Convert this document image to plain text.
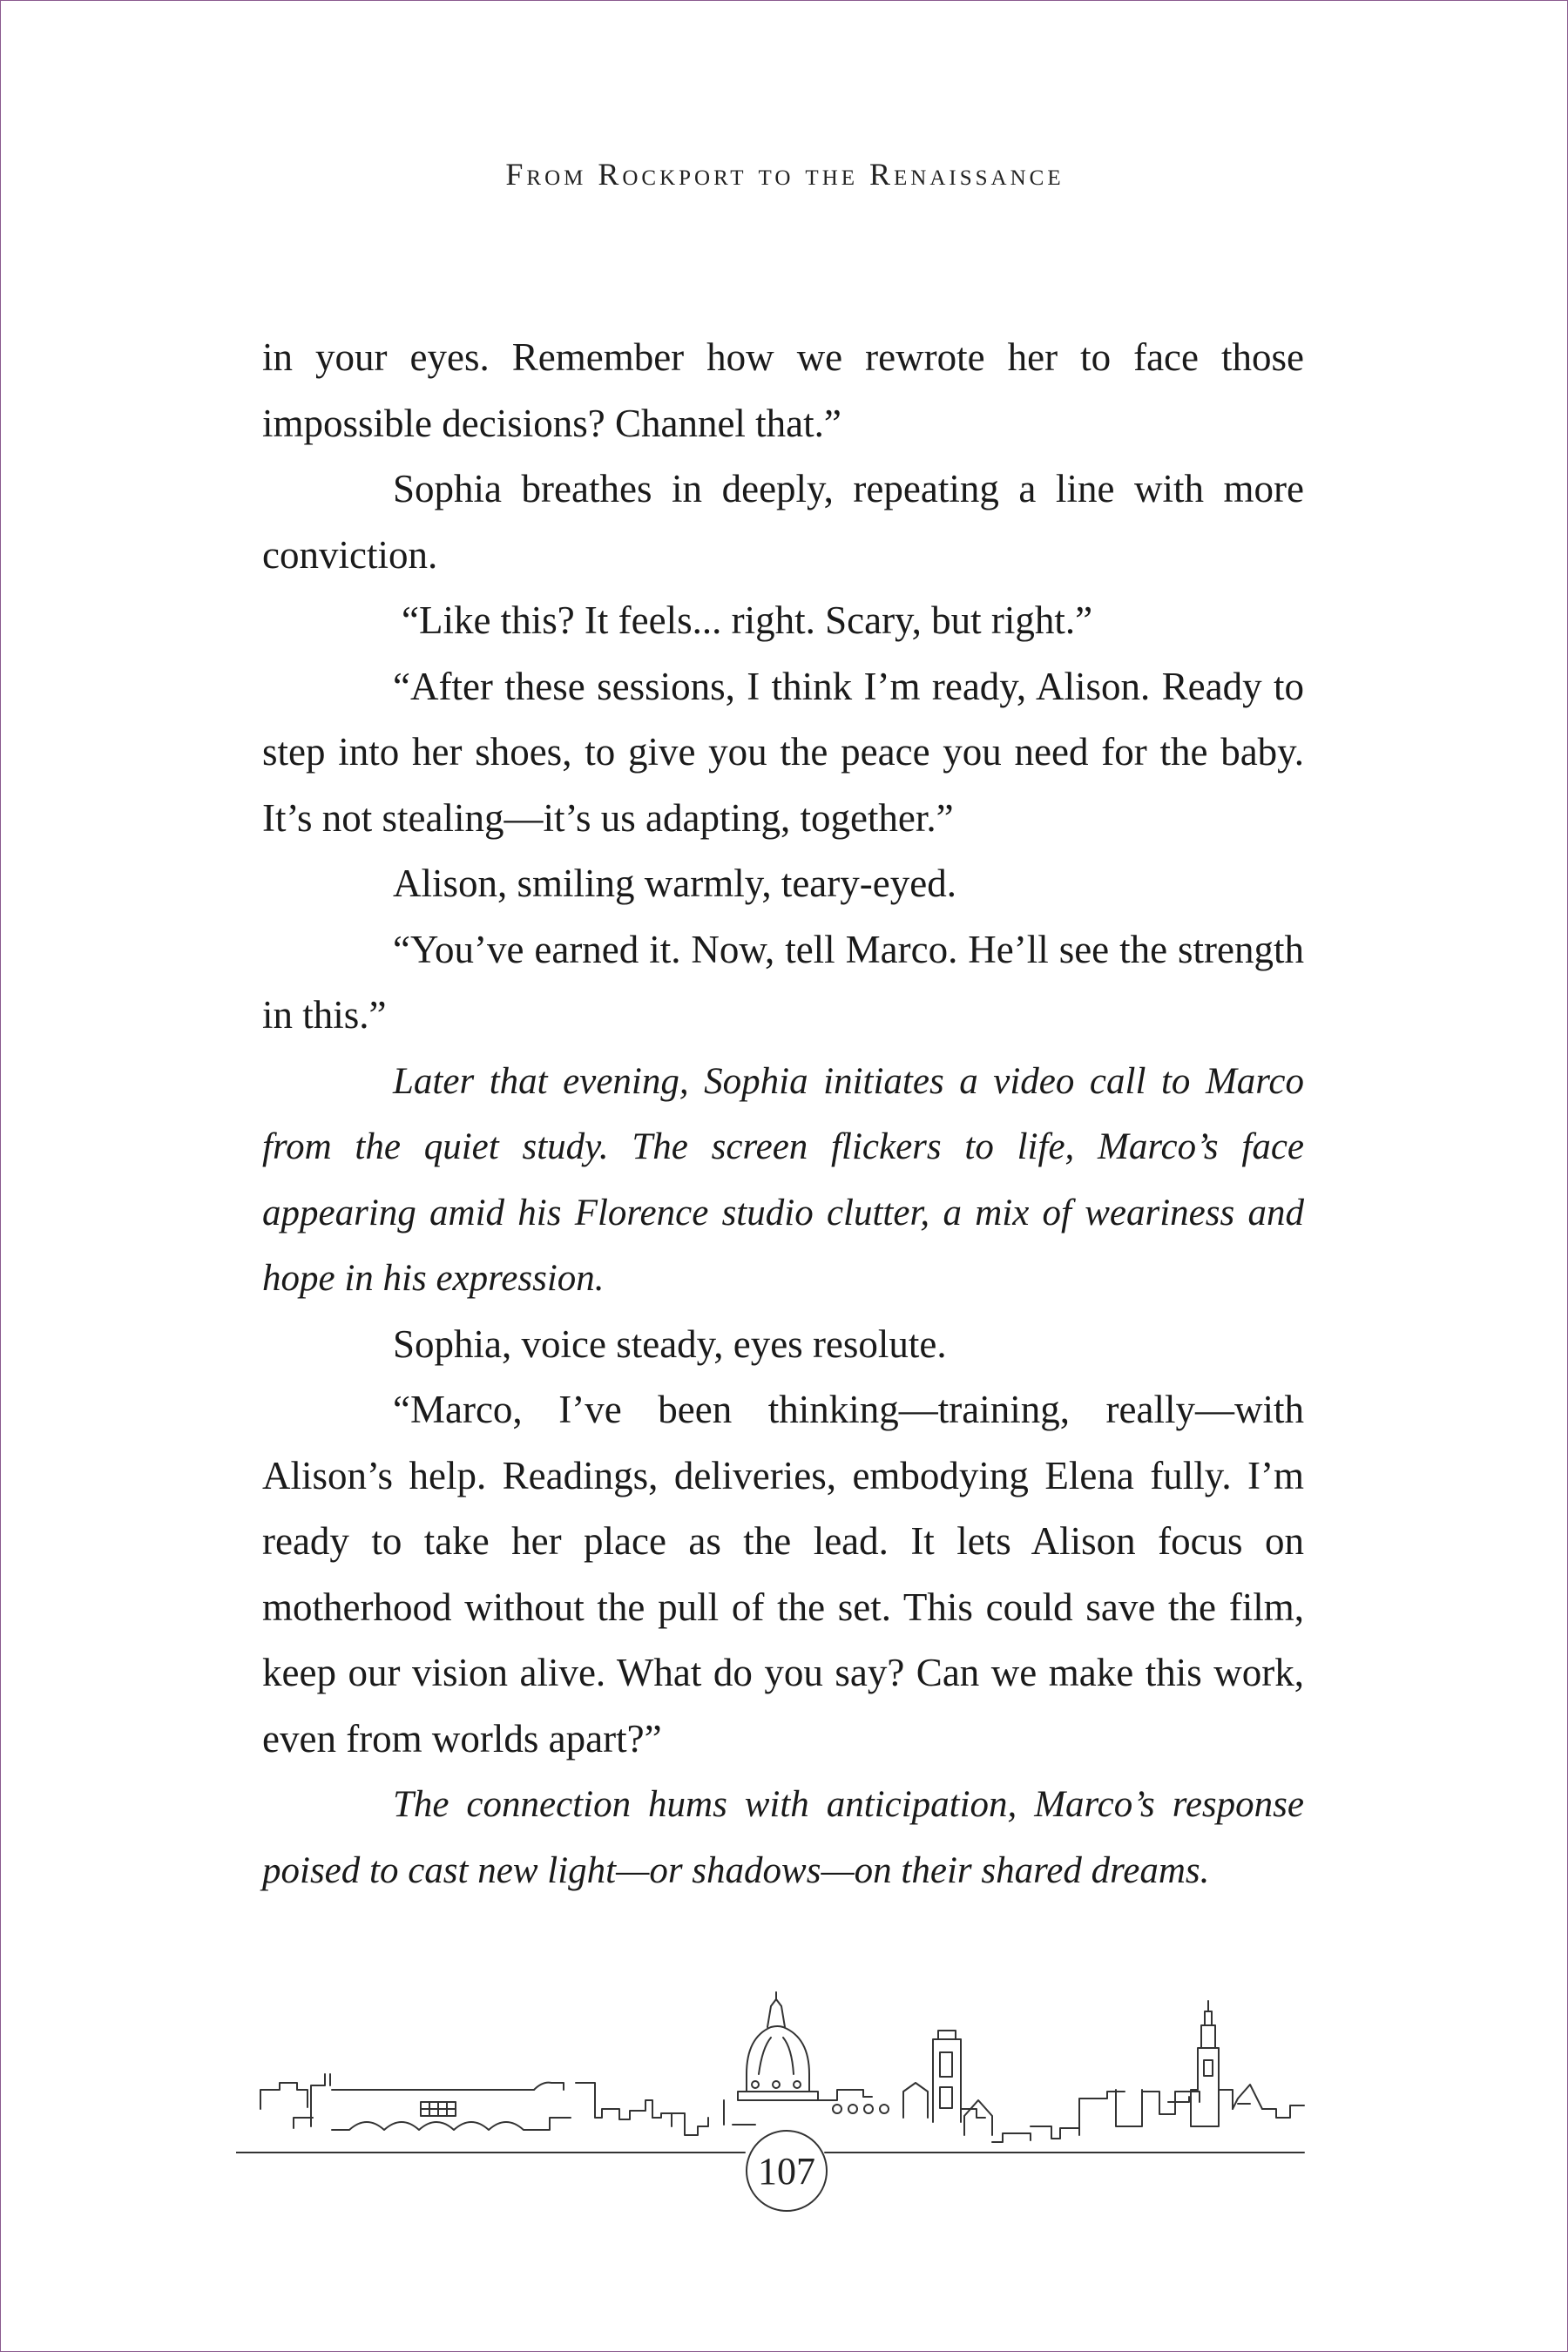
From Rockport to the Renaissance

in your eyes. Remember how we rewrote her to face those impossible decisions? Channel that.”

Sophia breathes in deeply, repeating a line with more conviction.

“Like this? It feels... right. Scary, but right.”

“After these sessions, I think I’m ready, Alison. Ready to step into her shoes, to give you the peace you need for the baby. It’s not stealing—it’s us adapting, together.”

Alison, smiling warmly, teary-eyed.

“You’ve earned it. Now, tell Marco. He’ll see the strength in this.”

Later that evening, Sophia initiates a video call to Marco from the quiet study. The screen flickers to life, Marco’s face appearing amid his Florence studio clutter, a mix of weariness and hope in his expression.

Sophia, voice steady, eyes resolute.

“Marco, I’ve been thinking—training, really—with Alison’s help. Readings, deliveries, embodying Elena fully. I’m ready to take her place as the lead. It lets Alison focus on motherhood without the pull of the set. This could save the film, keep our vision alive. What do you say? Can we make this work, even from worlds apart?”

The connection hums with anticipation, Marco’s response poised to cast new light—or shadows—on their shared dreams.

107
